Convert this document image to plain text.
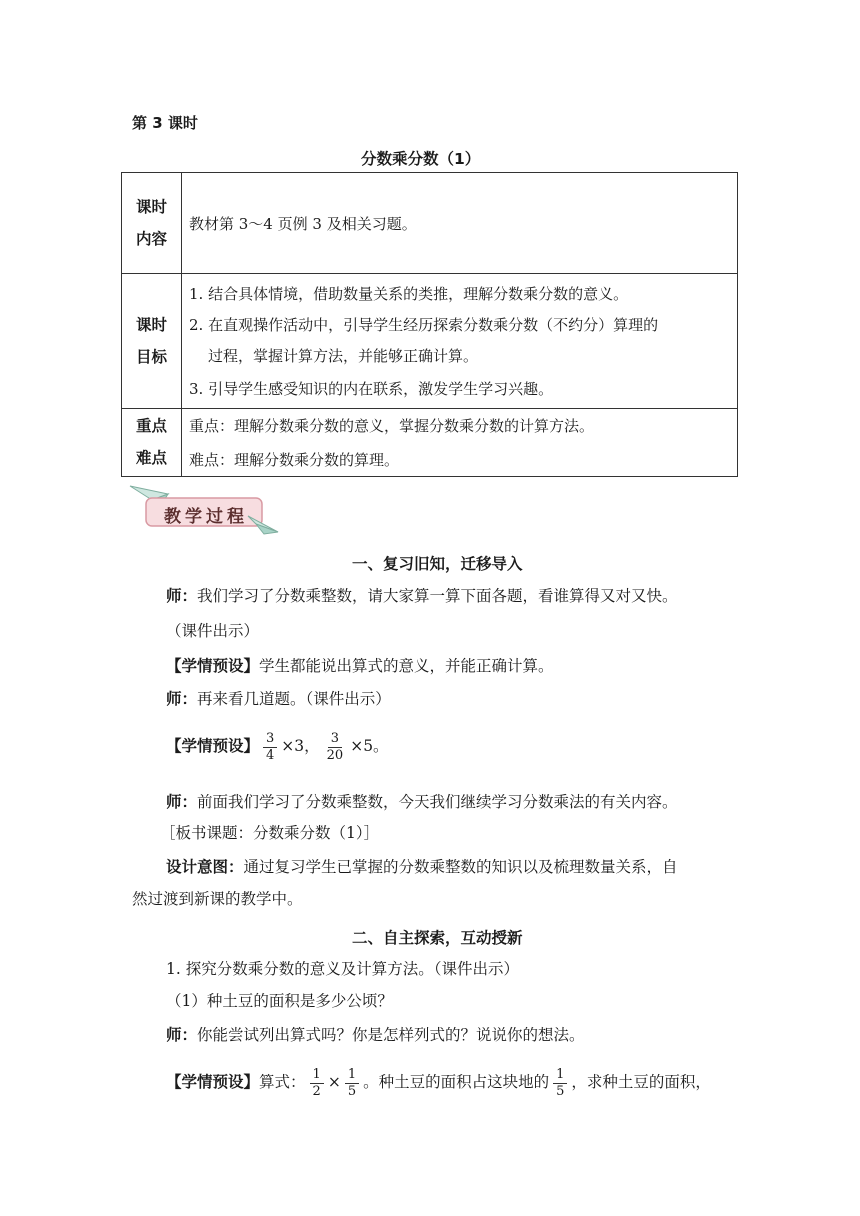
第 3 课时
分数乘分数（1）
课时
内容
教材第 3～4 页例 3 及相关习题。
课时
目标
1. 结合具体情境，借助数量关系的类推，理解分数乘分数的意义。
2. 在直观操作活动中，引导学生经历探索分数乘分数（不约分）算理的
过程，掌握计算方法，并能够正确计算。
3. 引导学生感受知识的内在联系，激发学生学习兴趣。
重点
难点
重点：理解分数乘分数的意义，掌握分数乘分数的计算方法。
难点：理解分数乘分数的算理。
教学过程
一、复习旧知，迁移导入
师：我们学习了分数乘整数，请大家算一算下面各题，看谁算得又对又快。
（课件出示）
【学情预设】学生都能说出算式的意义，并能正确计算。
师：再来看几道题。（课件出示）
【学情预设】 $\frac{3}{4} \times 3$， $\frac{3}{20} \times 5$。
师：前面我们学习了分数乘整数，今天我们继续学习分数乘法的有关内容。
［板书课题：分数乘分数（1）］
设计意图：通过复习学生已掌握的分数乘整数的知识以及梳理数量关系，自
然过渡到新课的教学中。
二、自主探索，互动授新
1. 探究分数乘分数的意义及计算方法。（课件出示）
（1）种土豆的面积是多少公顷？
师：你能尝试列出算式吗？你是怎样列式的？说说你的想法。
【学情预设】算式： $\frac{1}{2} \times \frac{1}{5}$ 。种土豆的面积占这块地的 $\frac{1}{5}$ ，求种土豆的面积，
